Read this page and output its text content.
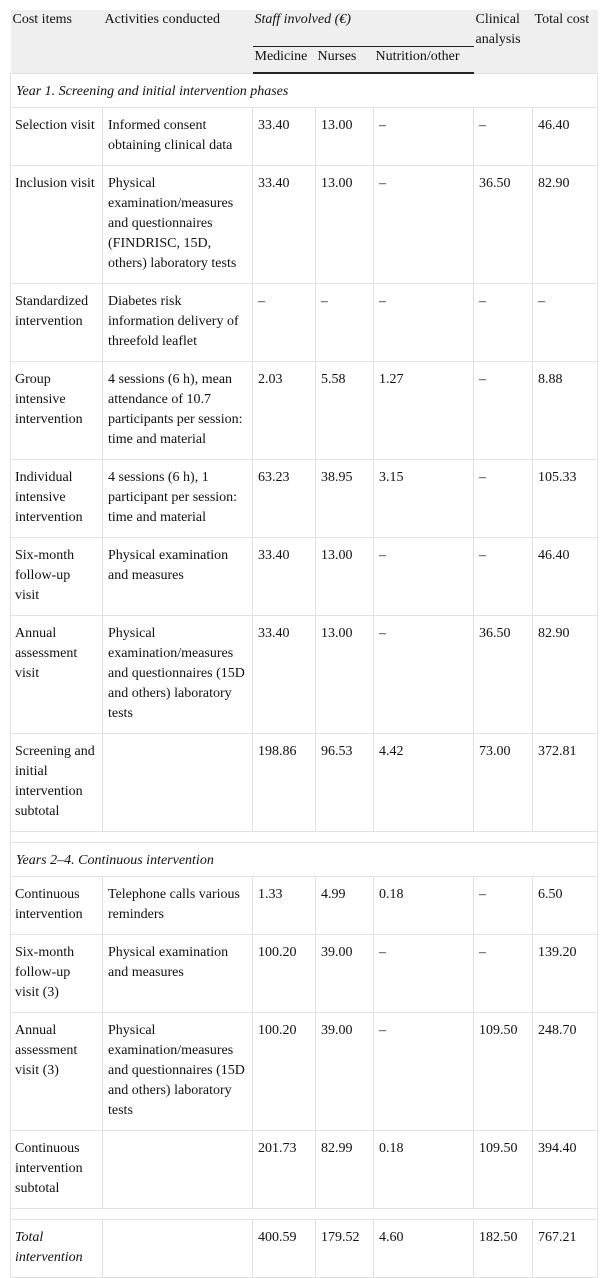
Cost items	Activities conducted	Staff involved (€)			Clinical analysis	Total cost
		Medicine	Nurses	Nutrition/other		
Year 1. Screening and initial intervention phases						
Selection visit	Informed consent obtaining clinical data	33.40	13.00	–	–	46.40
Inclusion visit	Physical examination/measures and questionnaires (FINDRISC, 15D, others) laboratory tests	33.40	13.00	–	36.50	82.90
Standardized intervention	Diabetes risk information delivery of threefold leaflet	–	–	–	–	–
Group intensive intervention	4 sessions (6 h), mean attendance of 10.7 participants per session: time and material	2.03	5.58	1.27	–	8.88
Individual intensive intervention	4 sessions (6 h), 1 participant per session: time and material	63.23	38.95	3.15	–	105.33
Six-month follow-up visit	Physical examination and measures	33.40	13.00	–	–	46.40
Annual assessment visit	Physical examination/measures and questionnaires (15D and others) laboratory tests	33.40	13.00	–	36.50	82.90
Screening and initial intervention subtotal		198.86	96.53	4.42	73.00	372.81

Years 2–4. Continuous intervention						
Continuous intervention	Telephone calls various reminders	1.33	4.99	0.18	–	6.50
Six-month follow-up visit (3)	Physical examination and measures	100.20	39.00	–	–	139.20
Annual assessment visit (3)	Physical examination/measures and questionnaires (15D and others) laboratory tests	100.20	39.00	–	109.50	248.70
Continuous intervention subtotal		201.73	82.99	0.18	109.50	394.40

Total intervention		400.59	179.52	4.60	182.50	767.21
